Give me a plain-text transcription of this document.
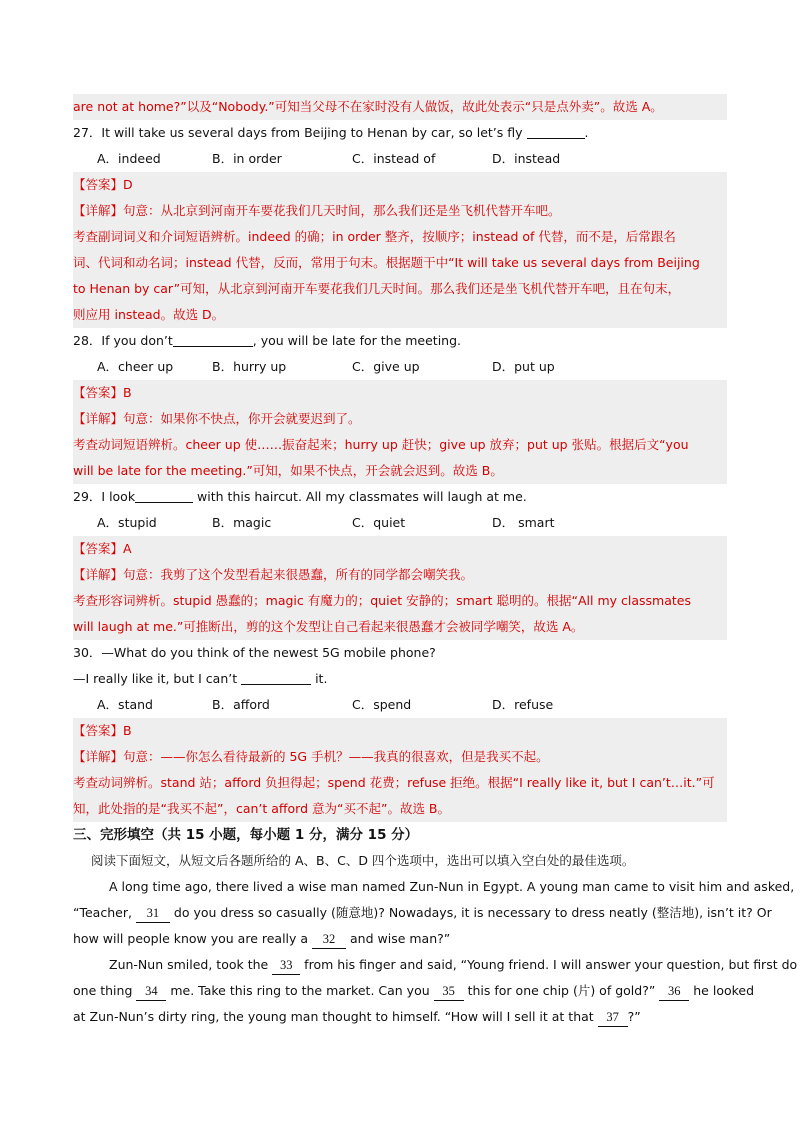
are not at home?”以及“Nobody.”可知当父母不在家时没有人做饭，故此处表示“只是点外卖”。故选 A。
27．It will take us several days from Beijing to Henan by car, so let’s fly	.
A．indeed	B．in order	C．instead of	D．instead
【答案】D
【详解】句意：从北京到河南开车要花我们几天时间，那么我们还是坐飞机代替开车吧。
考查副词词义和介词短语辨析。indeed 的确；in order 整齐，按顺序；instead of 代替，而不是，后常跟名
词、代词和动名词；instead 代替，反而，常用于句末。根据题干中“It will take us several days from Beijing
to Henan by car”可知，从北京到河南开车要花我们几天时间。那么我们还是坐飞机代替开车吧，且在句末，
则应用 instead。故选 D。
28．If you don’t	, you will be late for the meeting.
A．cheer up	B．hurry up	C．give up	D．put up
【答案】B
【详解】句意：如果你不快点，你开会就要迟到了。
考查动词短语辨析。cheer up 使……振奋起来；hurry up 赶快；give up 放弃；put up 张贴。根据后文“you
will be late for the meeting.”可知，如果不快点，开会就会迟到。故选 B。
29．I look	with this haircut. All my classmates will laugh at me.
A．stupid	B．magic	C．quiet	D． smart
【答案】A
【详解】句意：我剪了这个发型看起来很愚蠢，所有的同学都会嘲笑我。
考查形容词辨析。stupid 愚蠢的；magic 有魔力的；quiet 安静的；smart 聪明的。根据“All my classmates
will laugh at me.”可推断出，剪的这个发型让自己看起来很愚蠢才会被同学嘲笑，故选 A。
30．—What do you think of the newest 5G mobile phone?
—I really like it, but I can’t	it.
A．stand	B．afford	C．spend	D．refuse
【答案】B
【详解】句意：——你怎么看待最新的 5G 手机？——我真的很喜欢，但是我买不起。
考查动词辨析。stand 站；afford 负担得起；spend 花费；refuse 拒绝。根据“I really like it, but I can’t…it.”可
知，此处指的是“我买不起”，can’t afford 意为“买不起”。故选 B。
三、完形填空（共 15 小题，每小题 1 分，满分 15 分）
阅读下面短文，从短文后各题所给的 A、B、C、D 四个选项中，选出可以填入空白处的最佳选项。
A long time ago, there lived a wise man named Zun-Nun in Egypt. A young man came to visit him and asked,
“Teacher, 31 do you dress so casually (随意地)? Nowadays, it is necessary to dress neatly (整洁地), isn’t it? Or
how will people know you are really a 32 and wise man?”
Zun-Nun smiled, took the 33 from his finger and said, “Young friend. I will answer your question, but first do
one thing 34 me. Take this ring to the market. Can you 35 this for one chip (片) of gold?” 36 he looked
at Zun-Nun’s dirty ring, the young man thought to himself. “How will I sell it at that 37 ?”
